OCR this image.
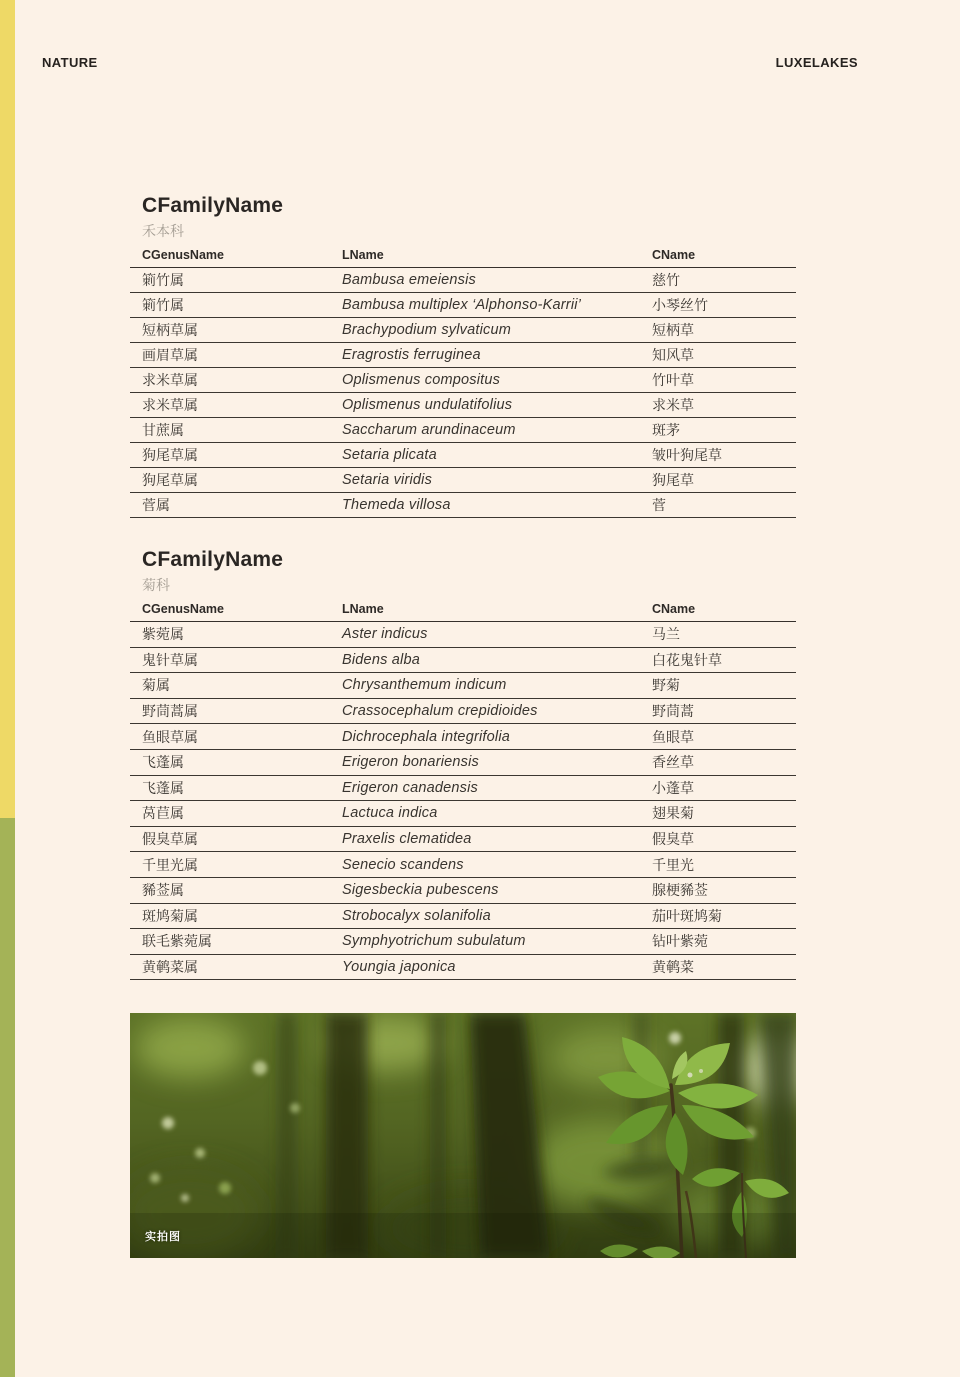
NATURE	LUXELAKES
CFamilyName
禾本科
CGenusName	LName	CName
箣竹属	Bambusa emeiensis	慈竹
箣竹属	Bambusa multiplex ‘Alphonso-Karrii’	小琴丝竹
短柄草属	Brachypodium sylvaticum	短柄草
画眉草属	Eragrostis ferruginea	知风草
求米草属	Oplismenus compositus	竹叶草
求米草属	Oplismenus undulatifolius	求米草
甘蔗属	Saccharum arundinaceum	斑茅
狗尾草属	Setaria plicata	皱叶狗尾草
狗尾草属	Setaria viridis	狗尾草
菅属	Themeda villosa	菅
CFamilyName
菊科
CGenusName	LName	CName
紫菀属	Aster indicus	马兰
鬼针草属	Bidens alba	白花鬼针草
菊属	Chrysanthemum indicum	野菊
野茼蒿属	Crassocephalum crepidioides	野茼蒿
鱼眼草属	Dichrocephala integrifolia	鱼眼草
飞蓬属	Erigeron bonariensis	香丝草
飞蓬属	Erigeron canadensis	小蓬草
莴苣属	Lactuca indica	翅果菊
假臭草属	Praxelis clematidea	假臭草
千里光属	Senecio scandens	千里光
豨莶属	Sigesbeckia pubescens	腺梗豨莶
斑鸠菊属	Strobocalyx solanifolia	茄叶斑鸠菊
联毛紫菀属	Symphyotrichum subulatum	钻叶紫菀
黄鹌菜属	Youngia japonica	黄鹌菜
实拍图
